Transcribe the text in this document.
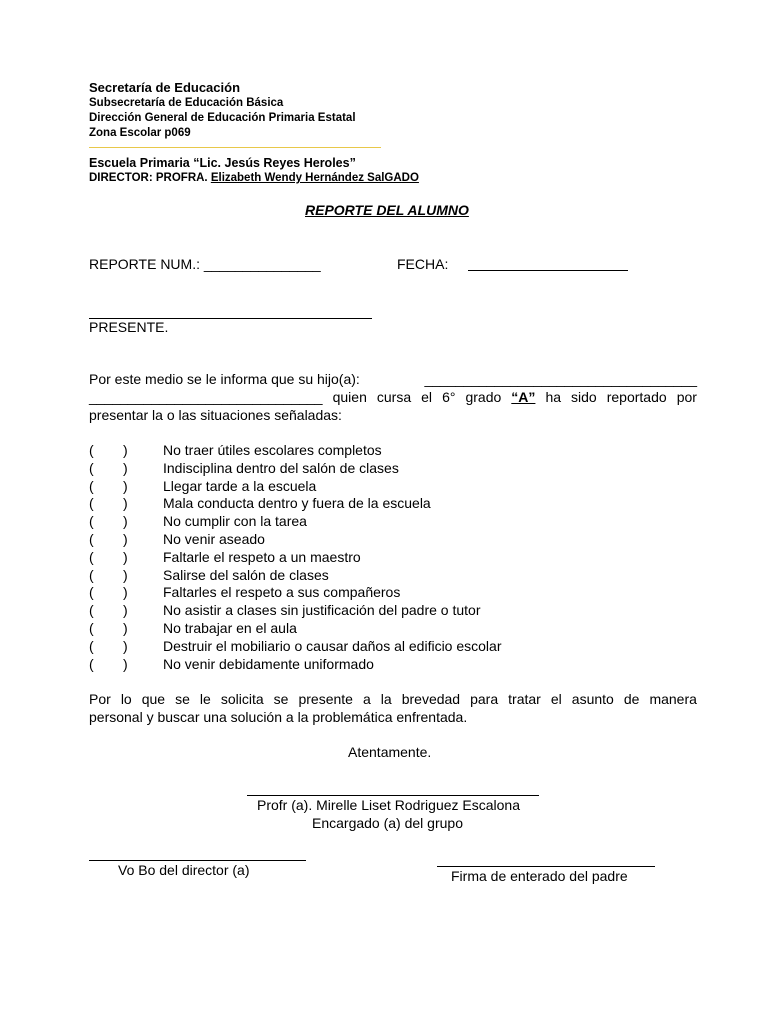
Secretaría de Educación
Subsecretaría de Educación Básica
Dirección General de Educación Primaria Estatal
Zona Escolar p069
Escuela Primaria “Lic. Jesús Reyes Heroles”
DIRECTOR: PROFRA. Elizabeth Wendy Hernández SalGADO
REPORTE DEL ALUMNO
REPORTE NUM.: _______________	FECHA:
PRESENTE.
Por este medio se le informa que su hijo(a):	___________________________________
______________________________ quien cursa el 6° grado “A” ha sido reportado por
presentar la o las situaciones señaladas:
( )	No traer útiles escolares completos
( )	Indisciplina dentro del salón de clases
( )	Llegar tarde a la escuela
( )	Mala conducta dentro y fuera de la escuela
( )	No cumplir con la tarea
( )	No venir aseado
( )	Faltarle el respeto a un maestro
( )	Salirse del salón de clases
( )	Faltarles el respeto a sus compañeros
( )	No asistir a clases sin justificación del padre o tutor
( )	No trabajar en el aula
( )	Destruir el mobiliario o causar daños al edificio escolar
( )	No venir debidamente uniformado
Por lo que se le solicita se presente a la brevedad para tratar el asunto de manera
personal y buscar una solución a la problemática enfrentada.
Atentamente.
Profr (a). Mirelle Liset Rodriguez Escalona
Encargado (a) del grupo
Vo Bo del director (a)	Firma de enterado del padre
